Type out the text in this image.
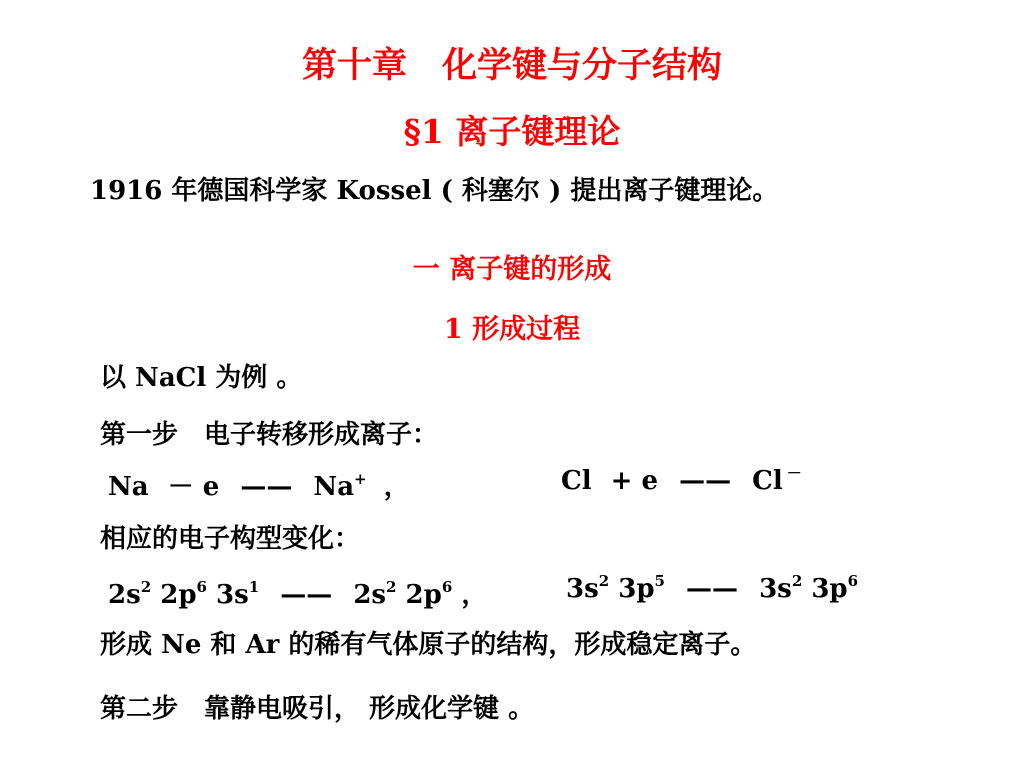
第十章　化学键与分子结构
§1 离子键理论
1916 年德国科学家 Kossel ( 科塞尔 ) 提出离子键理论。
一 离子键的形成
1 形成过程
以 NaCl 为例 。
第一步　电子转移形成离子：
Na － e —— Na+ ，	Cl + e —— Cl －
相应的电子构型变化：
$2s^2$ $2p^6$ $3s^1$ —— $2s^2$ $2p^6$ ，	$3s^2$ $3p^5$ —— $3s^2$ $3p^6$
形成 Ne 和 Ar 的稀有气体原子的结构，形成稳定离子。
第二步　靠静电吸引， 形成化学键 。
